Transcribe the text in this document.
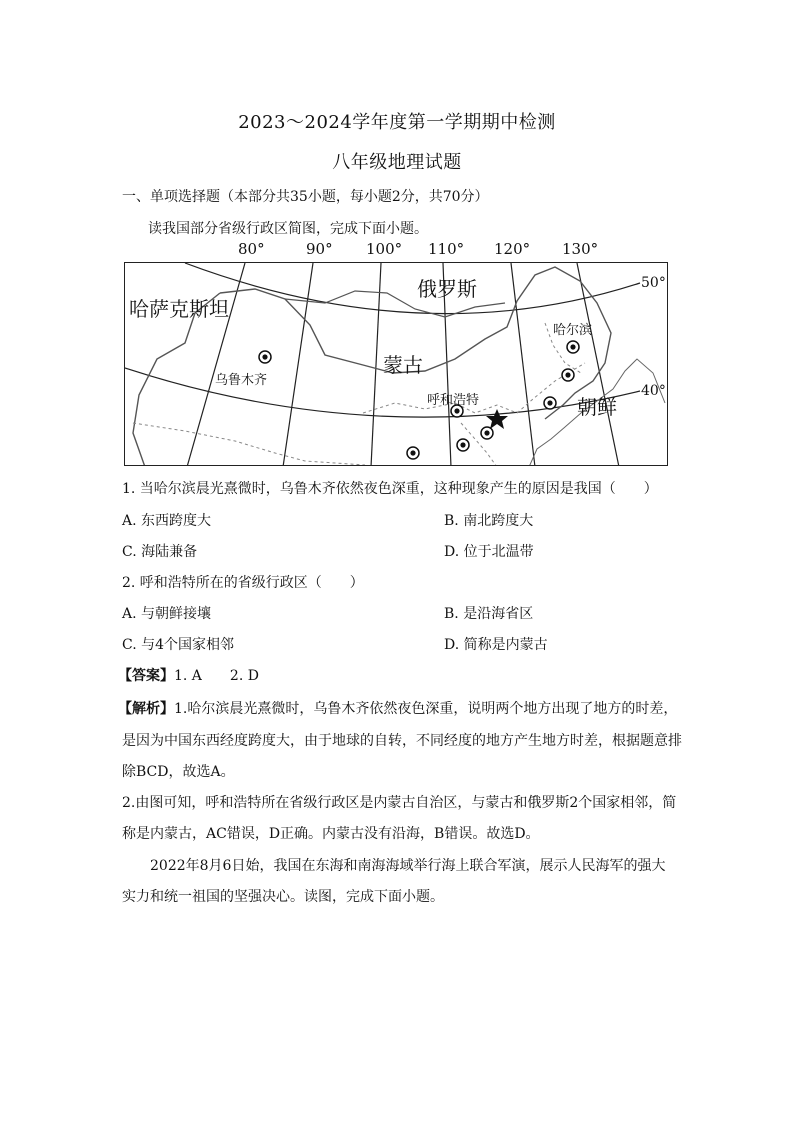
2023～2024学年度第一学期期中检测
八年级地理试题
一、单项选择题（本部分共35小题，每小题2分，共70分）
读我国部分省级行政区简图，完成下面小题。
80°	90° 100° 110° 120° 130°
哈萨克斯坦
俄罗斯
蒙古
哈尔滨
乌鲁木齐
呼和浩特	朝鲜
50°
40°
1. 当哈尔滨晨光熹微时，乌鲁木齐依然夜色深重，这种现象产生的原因是我国（　　）
A. 东西跨度大	B. 南北跨度大
C. 海陆兼备	D. 位于北温带
2. 呼和浩特所在的省级行政区（　　）
A. 与朝鲜接壤	B. 是沿海省区
C. 与4个国家相邻	D. 简称是内蒙古
【答案】1. A　　2. D
【解析】1.哈尔滨晨光熹微时，乌鲁木齐依然夜色深重，说明两个地方出现了地方的时差，
是因为中国东西经度跨度大，由于地球的自转，不同经度的地方产生地方时差，根据题意排
除BCD，故选A。
2.由图可知，呼和浩特所在省级行政区是内蒙古自治区，与蒙古和俄罗斯2个国家相邻，简
称是内蒙古，AC错误，D正确。内蒙古没有沿海，B错误。故选D。
2022年8月6日始，我国在东海和南海海域举行海上联合军演，展示人民海军的强大
实力和统一祖国的坚强决心。读图，完成下面小题。
